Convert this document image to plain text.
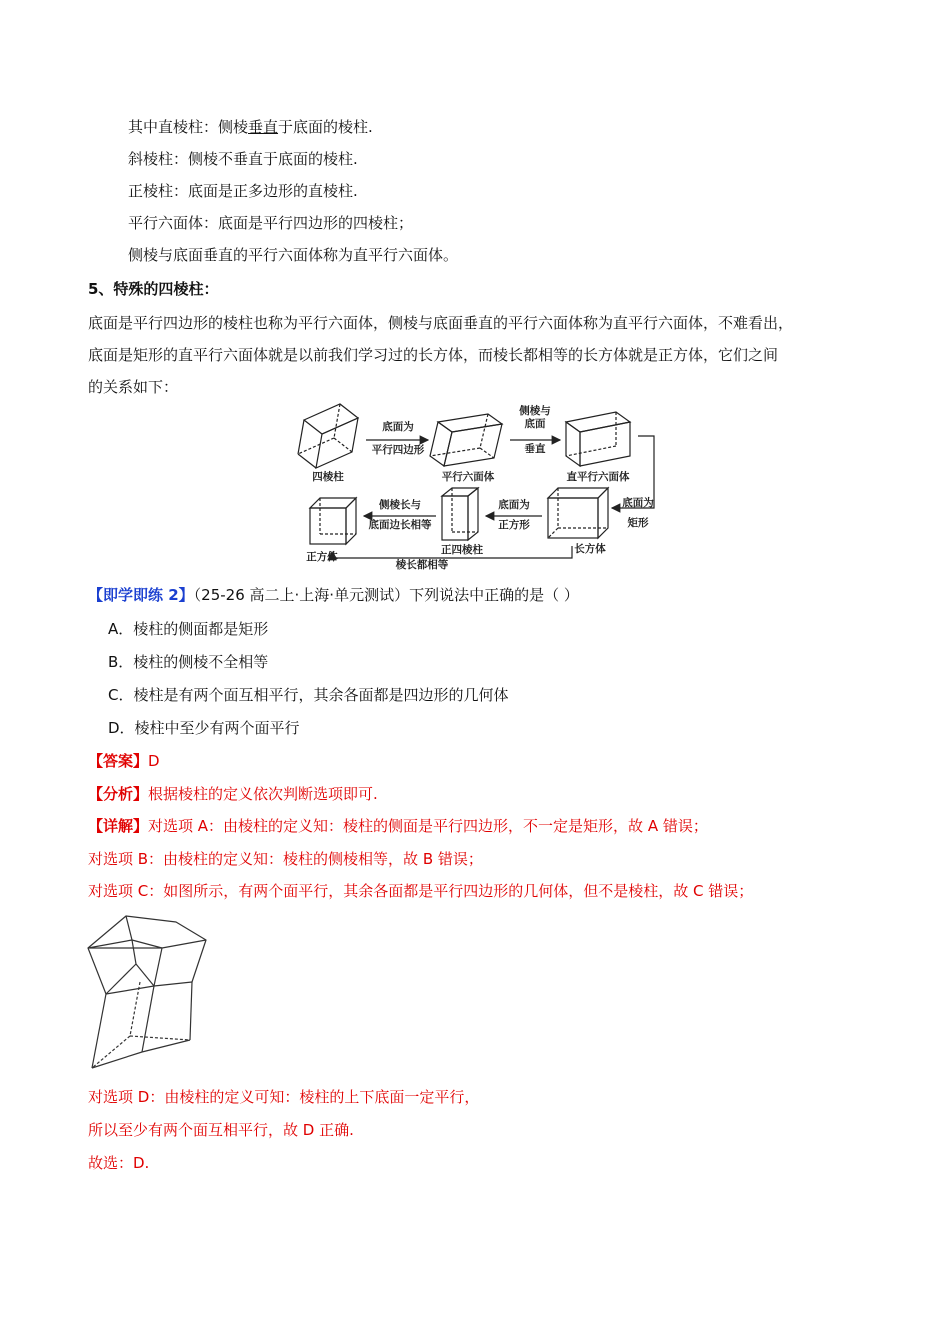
其中直棱柱：侧棱垂直于底面的棱柱.
斜棱柱：侧棱不垂直于底面的棱柱.
正棱柱：底面是正多边形的直棱柱.
平行六面体：底面是平行四边形的四棱柱；
侧棱与底面垂直的平行六面体称为直平行六面体。
5、特殊的四棱柱：
底面是平行四边形的棱柱也称为平行六面体，侧棱与底面垂直的平行六面体称为直平行六面体，不难看出，
底面是矩形的直平行六面体就是以前我们学习过的长方体，而棱长都相等的长方体就是正方体，它们之间
的关系如下：
四棱柱	平行六面体	直平行六面体
长方体
正四棱柱
正方体
底面为
平行四边形
侧棱与
底面
垂直
底面为
矩形
底面为
正方形
侧棱长与
底面边长相等
棱长都相等
【即学即练 2】（25-26 高二上·上海·单元测试）下列说法中正确的是（ ）
A．棱柱的侧面都是矩形
B．棱柱的侧棱不全相等
C．棱柱是有两个面互相平行，其余各面都是四边形的几何体
D．棱柱中至少有两个面平行
【答案】D
【分析】根据棱柱的定义依次判断选项即可.
【详解】对选项 A：由棱柱的定义知：棱柱的侧面是平行四边形，不一定是矩形，故 A 错误；
对选项 B：由棱柱的定义知：棱柱的侧棱相等，故 B 错误；
对选项 C：如图所示，有两个面平行，其余各面都是平行四边形的几何体，但不是棱柱，故 C 错误；
对选项 D：由棱柱的定义可知：棱柱的上下底面一定平行，
所以至少有两个面互相平行，故 D 正确.
故选：D.
